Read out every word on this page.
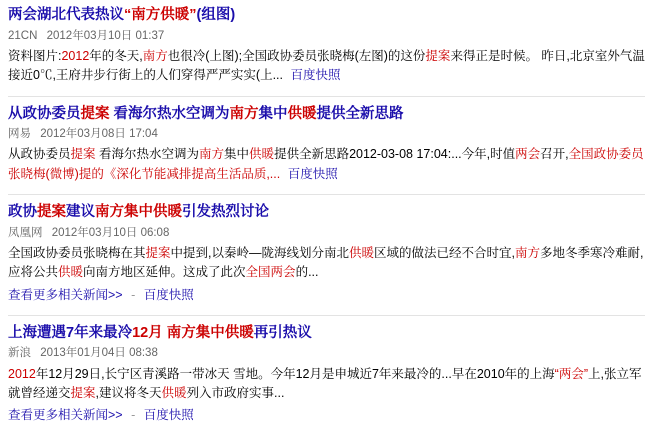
两会湖北代表热议“南方供暖”(组图)
21CN 2012年03月10日 01:37
资料图片:2012年的冬天,南方也很冷(上图);全国政协委员张晓梅(左图)的这份提案来得正是时候。 昨日,北京室外气温接近0℃,王府井步行街上的人们穿得严严实实(上... 百度快照
从政协委员提案 看海尔热水空调为南方集中供暖提供全新思路
网易 2012年03月08日 17:04
从政协委员提案 看海尔热水空调为南方集中供暖提供全新思路2012-03-08 17:04:...今年,时值两会召开,全国政协委员张晓梅(微博)提的《深化节能减排提高生活品质,... 百度快照
政协提案建议南方集中供暖引发热烈讨论
凤凰网 2012年03月10日 06:08
全国政协委员张晓梅在其提案中提到,以秦岭—陇海线划分南北供暖区域的做法已经不合时宜,南方多地冬季寒冷难耐,应将公共供暖向南方地区延伸。这成了此次全国两会的...
查看更多相关新闻>> - 百度快照
上海遭遇7年来最冷12月 南方集中供暖再引热议
新浪 2013年01月04日 08:38
2012年12月29日,长宁区青溪路一带冰天 雪地。今年12月是申城近7年来最冷的...早在2010年的上海“两会”上,张立军就曾经递交提案,建议将冬天供暖列入市政府实事...
查看更多相关新闻>> - 百度快照
